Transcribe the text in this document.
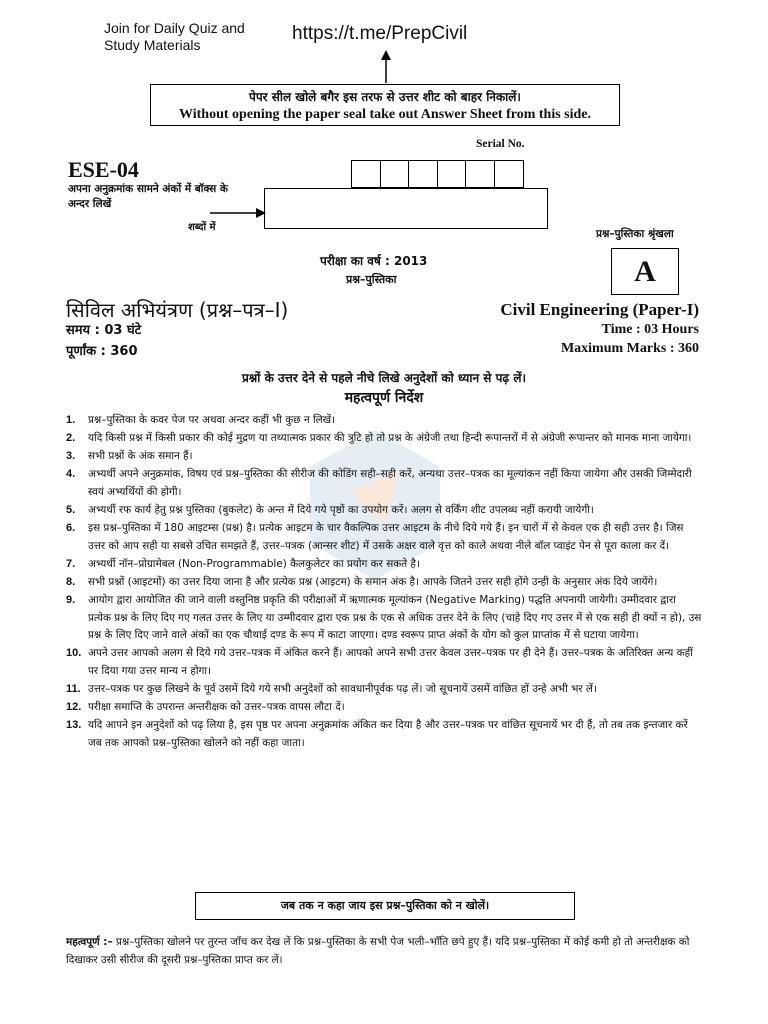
Join for Daily Quiz and Study Materials
https://t.me/PrepCivil
पेपर सील खोले बगैर इस तरफ से उत्तर शीट को बाहर निकालें।
Without opening the paper seal take out Answer Sheet from this side.
Serial No.
ESE-04
अपना अनुक्रमांक सामने अंकों में बॉक्स के अन्दर लिखें
शब्दों में
प्रश्न–पुस्तिका श्रृंखला
A
परीक्षा का वर्ष : 2013
प्रश्न–पुस्तिका
सिविल अभियंत्रण (प्रश्न–पत्र–I)
समय : 03 घंटे
पूर्णांक : 360
Civil Engineering (Paper-I)
Time : 03 Hours
Maximum Marks : 360
प्रश्नों के उत्तर देने से पहले नीचे लिखे अनुदेशों को ध्यान से पढ़ लें।
महत्वपूर्ण निर्देश
1.	प्रश्न–पुस्तिका के कवर पेज पर अथवा अन्दर कहीं भी कुछ न लिखें।
2.	यदि किसी प्रश्न में किसी प्रकार की कोई मुद्रण या तथ्यात्मक प्रकार की त्रुटि हो तो प्रश्न के अंग्रेजी तथा हिन्दी रूपान्तरों में से अंग्रेजी रूपान्तर को मानक माना जायेगा।
3.	सभी प्रश्नों के अंक समान हैं।
4.	अभ्यर्थी अपने अनुक्रमांक, विषय एवं प्रश्न–पुस्तिका की सीरीज की कोडिंग सही–सही करें, अन्यथा उत्तर–पत्रक का मूल्यांकन नहीं किया जायेगा और उसकी जिम्मेदारी स्वयं अभ्यर्थियों की होगी।
5.	अभ्यर्थी रफ कार्य हेतु प्रश्न पुस्तिका (बुकलेट) के अन्त में दिये गये पृष्ठों का उपयोग करें। अलग से वर्किंग शीट उपलब्ध नहीं करायी जायेगी।
6.	इस प्रश्न–पुस्तिका में 180 आइटम्स (प्रश्न) है। प्रत्येक आइटम के चार वैकल्पिक उत्तर आइटम के नीचे दिये गये हैं। इन चारों में से केवल एक ही सही उत्तर है। जिस उत्तर को आप सही या सबसे उचित समझते हैं, उत्तर–पत्रक (आन्सर शीट) में उसके अक्षर वाले वृत्त को काले अथवा नीले बॉल प्वाइंट पेन से पूरा काला कर दें।
7.	अभ्यर्थी नॉन–प्रोग्रामेबल (Non-Programmable) कैलकुलेटर का प्रयोग कर सकते है।
8.	सभी प्रश्नों (आइटमों) का उत्तर दिया जाना है और प्रत्येक प्रश्न (आइटम) के समान अंक है। आपके जितने उत्तर सही होंगे उन्ही के अनुसार अंक दिये जायेंगे।
9.	आयोग द्वारा आयोजित की जाने वाली वस्तुनिष्ठ प्रकृति की परीक्षाओं में ऋणात्मक मूल्यांकन (Negative Marking) पद्धति अपनायी जायेगी। उम्मीदवार द्वारा प्रत्येक प्रश्न के लिए दिए गए गलत उत्तर के लिए या उम्मीदवार द्वारा एक प्रश्न के एक से अधिक उत्तर देने के लिए (चाहे दिए गए उत्तर में से एक सही ही क्यों न हो), उस प्रश्न के लिए दिए जाने वाले अंकों का एक चौथाई दण्ड के रूप में काटा जाएगा। दण्ड स्वरूप प्राप्त अंकों के योग को कुल प्राप्तांक में से घटाया जायेगा।
10. अपने उत्तर आपको अलग से दिये गये उत्तर–पत्रक में अंकित करने हैं। आपको अपने सभी उत्तर केवल उत्तर–पत्रक पर ही देने हैं। उत्तर–पत्रक के अतिरिक्त अन्य कहीं पर दिया गया उत्तर मान्य न होगा।
11. उत्तर–पत्रक पर कुछ लिखने के पूर्व उसमें दिये गये सभी अनुदेशों को सावधानीपूर्वक पढ़ लें। जो सूचनायें उसमें वांछित हों उन्हे अभी भर लें।
12. परीक्षा समाप्ति के उपरान्त अन्तरीक्षक को उत्तर–पत्रक वापस लौटा दें।
13. यदि आपने इन अनुदेशों को पढ़ लिया है, इस पृष्ठ पर अपना अनुक्रमांक अंकित कर दिया है और उत्तर–पत्रक पर वांछित सूचनायें भर दी हैं, तो तब तक इन्तजार करें जब तक आपको प्रश्न–पुस्तिका खोलने को नहीं कहा जाता।
जब तक न कहा जाय इस प्रश्न–पुस्तिका को न खोलें।
महत्वपूर्ण :– प्रश्न–पुस्तिका खोलने पर तुरन्त जाँच कर देख लें कि प्रश्न–पुस्तिका के सभी पेज भली–भाँति छपे हुए हैं। यदि प्रश्न–पुस्तिका में कोई कमी हो तो अन्तरीक्षक को दिखाकर उसी सीरीज की दूसरी प्रश्न–पुस्तिका प्राप्त कर लें।
